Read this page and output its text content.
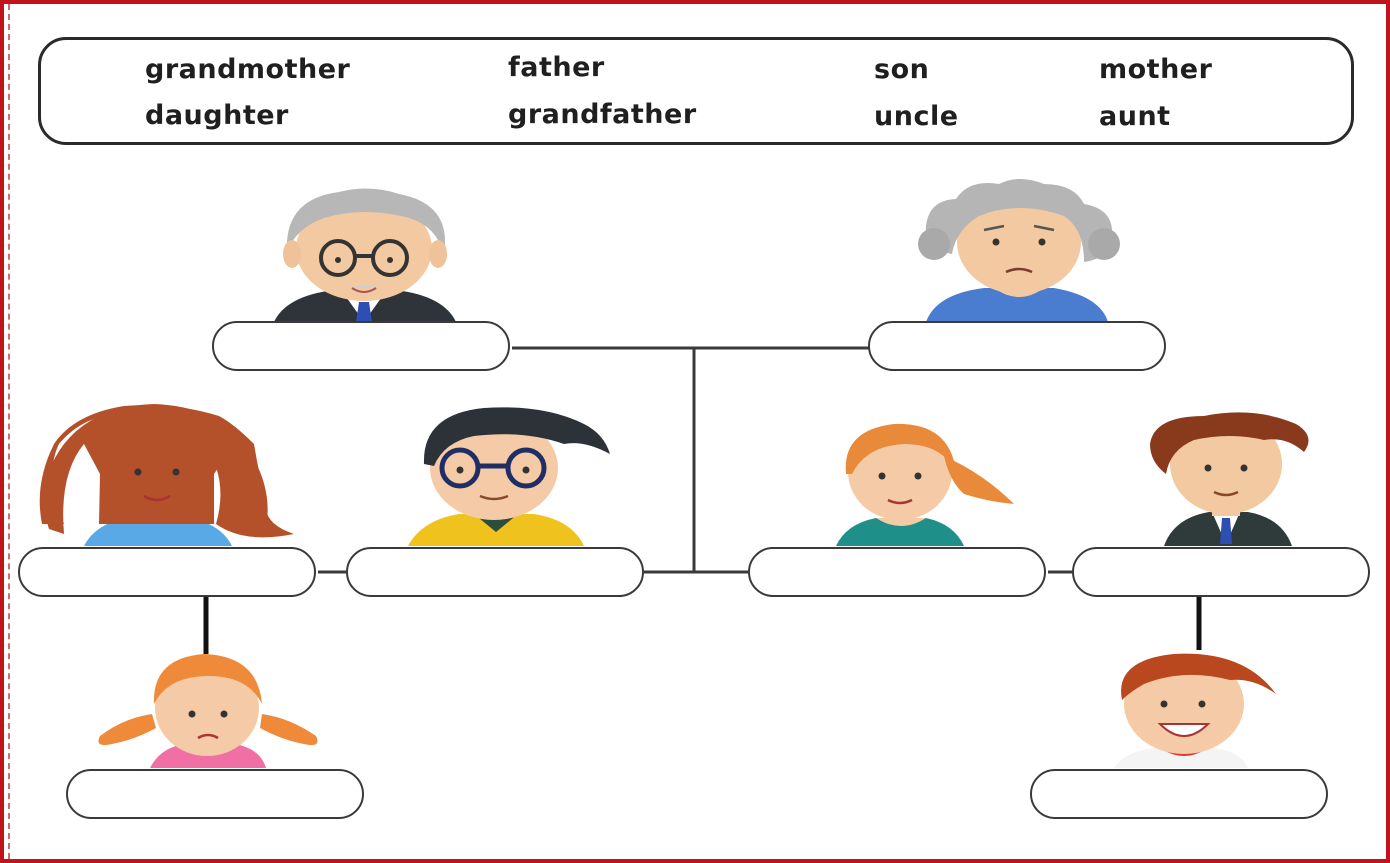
grandmother	father	son	mother
daughter	grandfather	uncle	aunt
